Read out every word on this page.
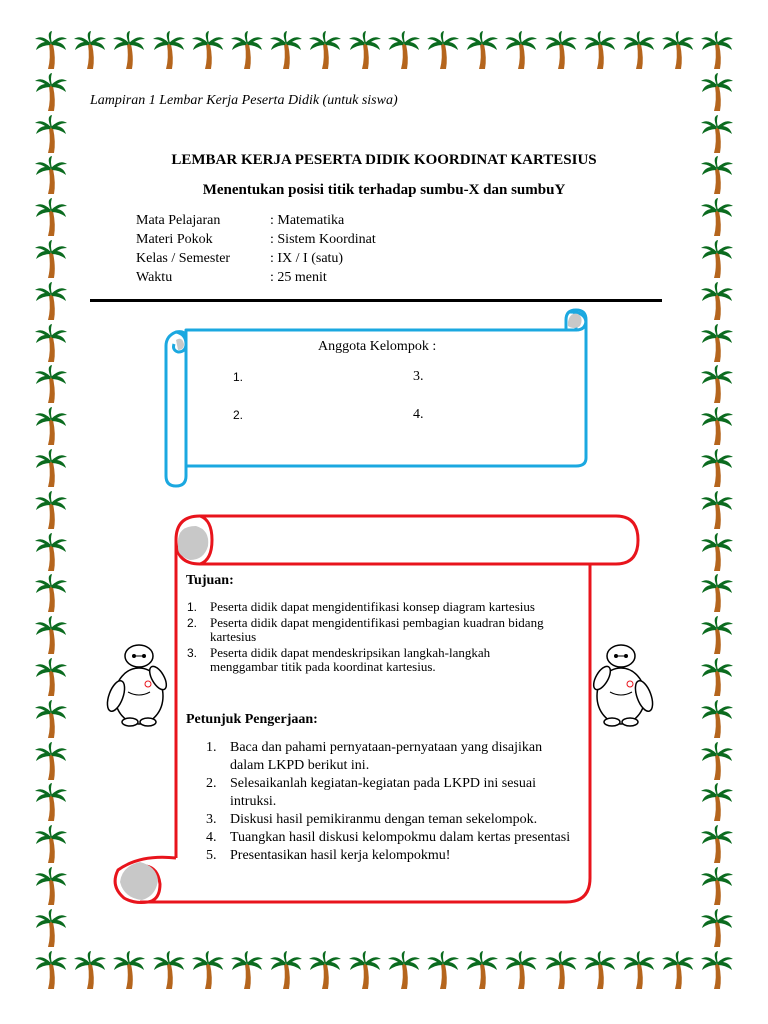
Lampiran 1 Lembar Kerja Peserta Didik (untuk siswa)
LEMBAR KERJA PESERTA DIDIK KOORDINAT KARTESIUS
Menentukan posisi titik terhadap sumbu-X dan sumbuY
Mata Pelajaran	: Matematika
Materi Pokok	: Sistem Koordinat
Kelas / Semester	: IX / I (satu)
Waktu	: 25 menit
Anggota Kelompok :
1.	3.
2.	4.
Tujuan:
1. Peserta didik dapat mengidentifikasi konsep diagram kartesius
2. Peserta didik dapat mengidentifikasi pembagian kuadran bidang kartesius
3. Peserta didik dapat mendeskripsikan langkah-langkah menggambar titik pada koordinat kartesius.
Petunjuk Pengerjaan:
1. Baca dan pahami pernyataan-pernyataan yang disajikan dalam LKPD berikut ini.
2. Selesaikanlah kegiatan-kegiatan pada LKPD ini sesuai intruksi.
3. Diskusi hasil pemikiranmu dengan teman sekelompok.
4. Tuangkan hasil diskusi kelompokmu dalam kertas presentasi
5. Presentasikan hasil kerja kelompokmu!
